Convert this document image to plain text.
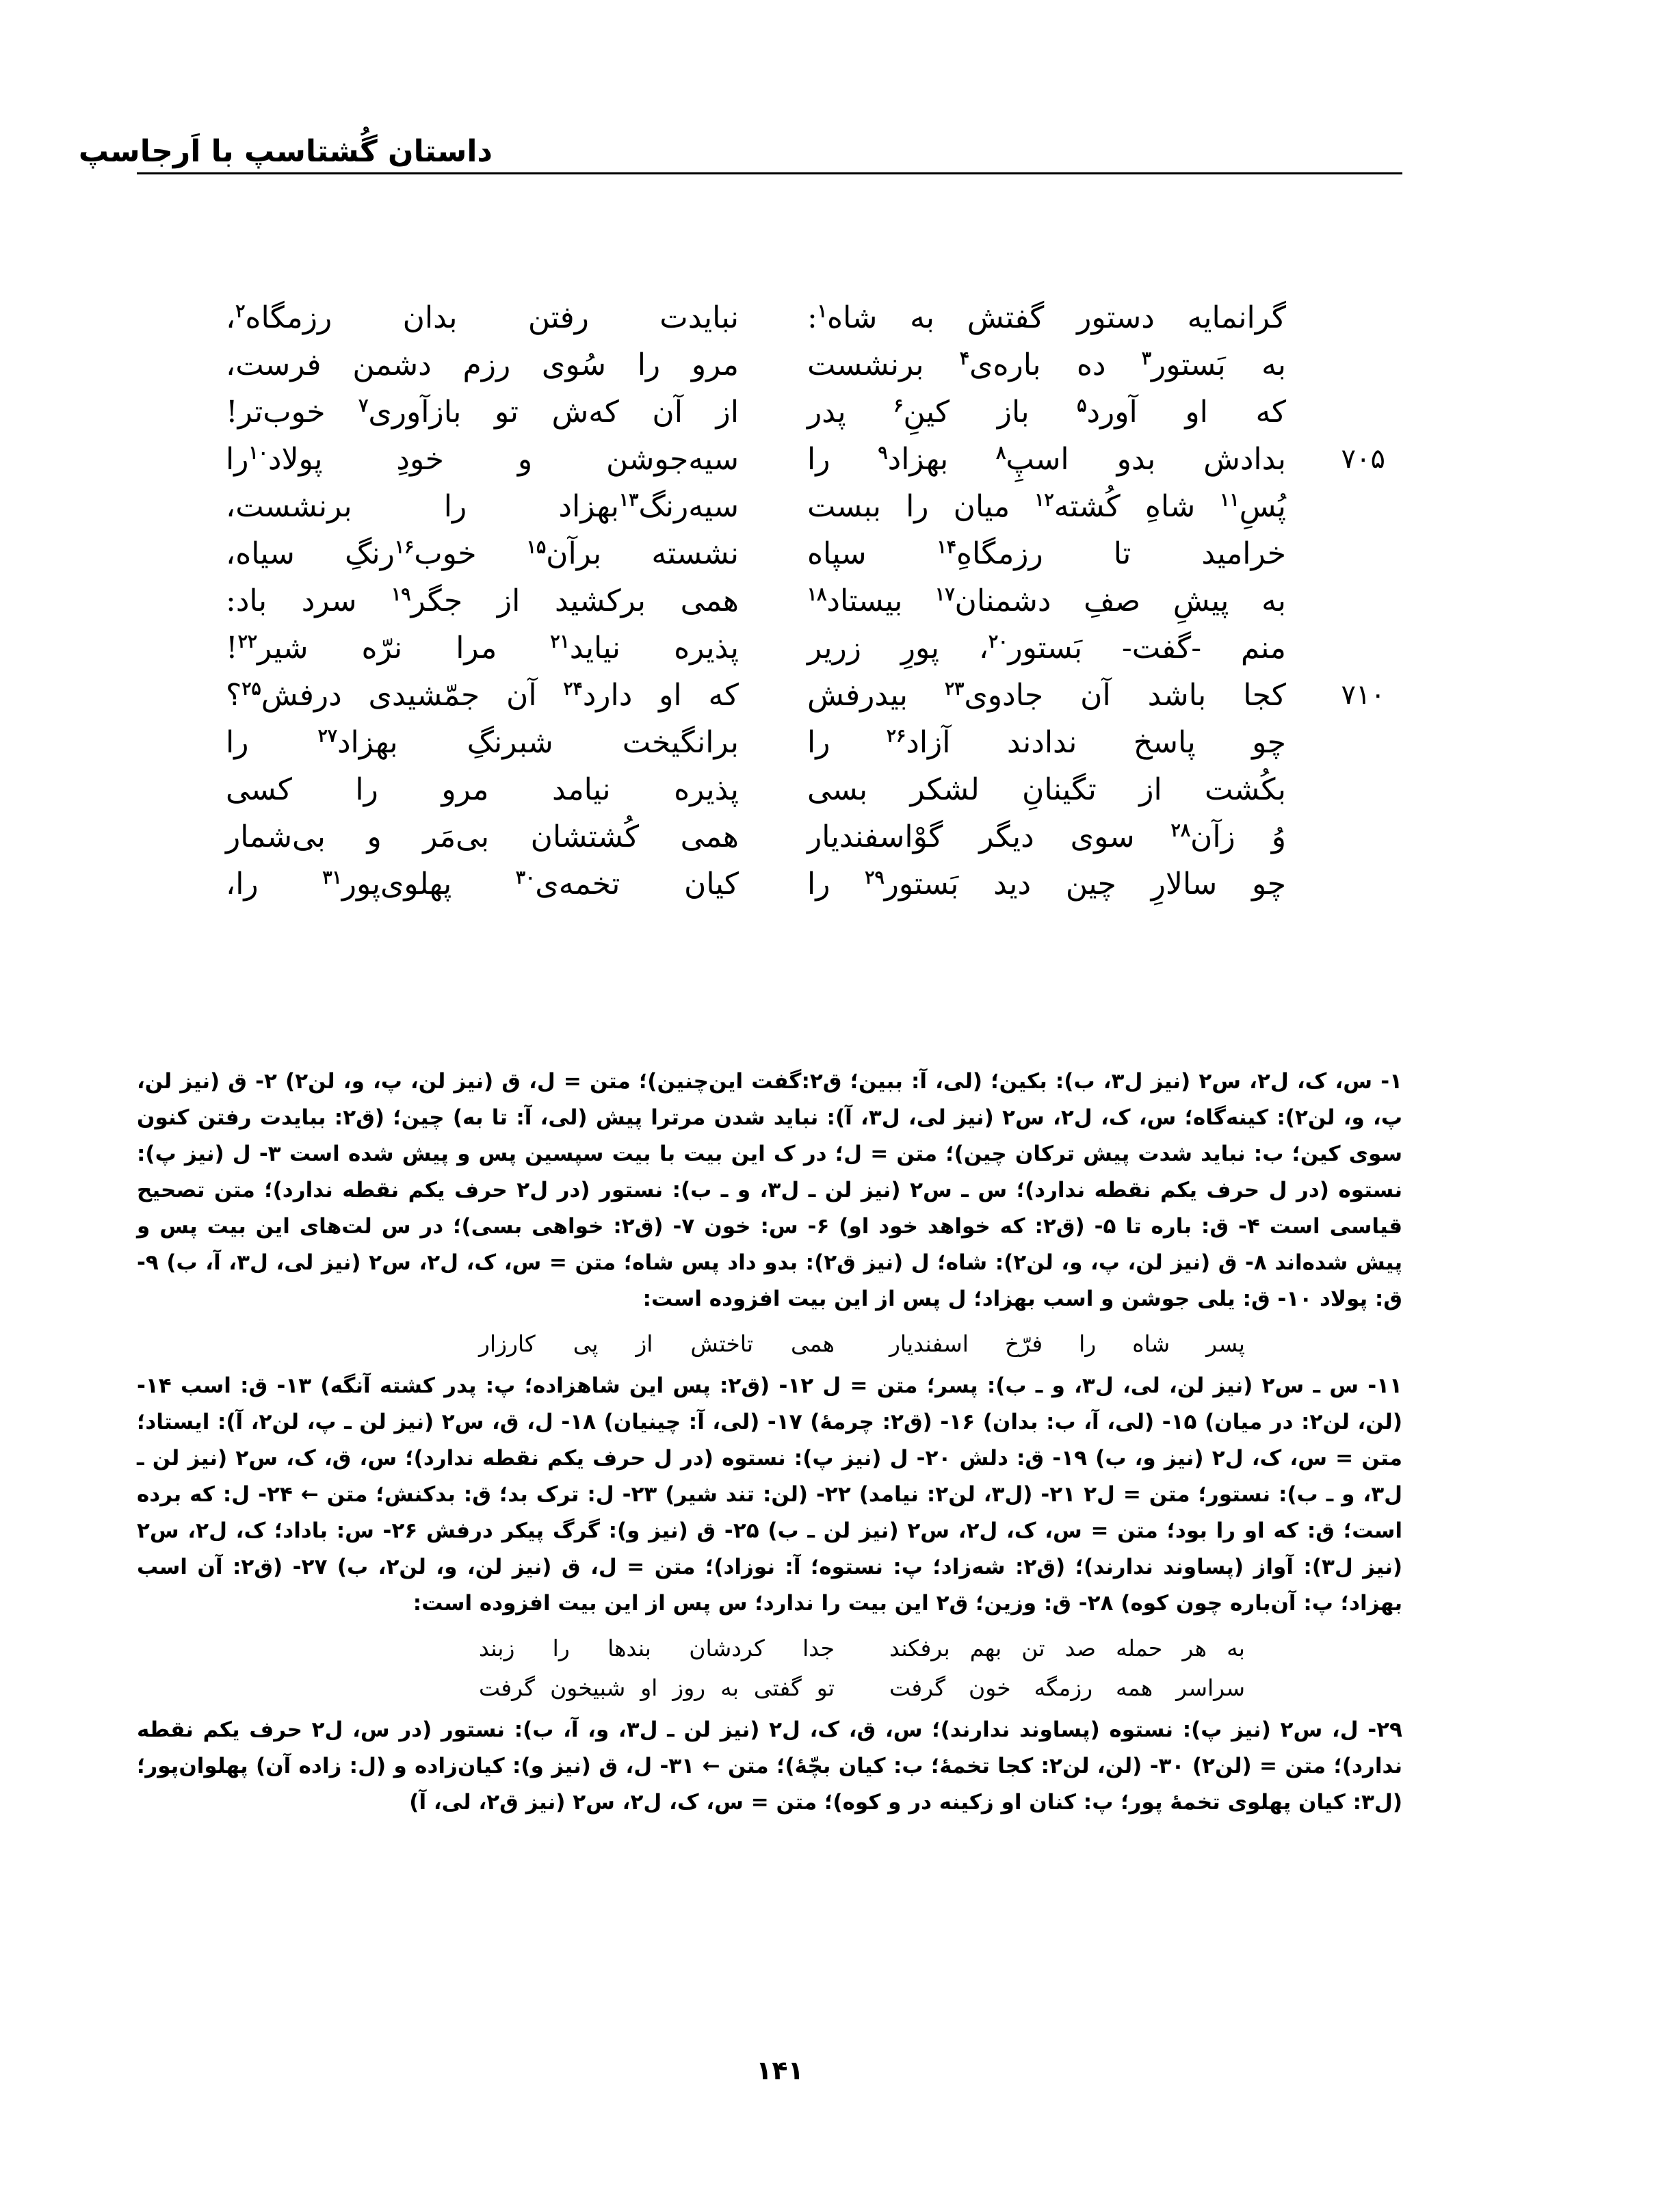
داستان گُشتاسپ با اَرجاسپ
گرانمایه دستور گفتش به شاه$^۱$:
نبایدت رفتن بدان رزمگاه$^۲$،
به بَستور$^۳$ ده باره‌ی$^۴$ برنشست
مرو را سُوی رزم دشمن فرست،
که او آورد$^۵$ باز کینِ$^۶$ پدر
از آن که‌ش تو بازآوری$^۷$ خوب‌تر!
۷۰۵
بدادش بدو اسپِ$^۸$ بهزاد$^۹$ را
سیه‌جوشن و خودِ پولاد$^{۱۰}$را
پُسِ$^{۱۱}$ شاهِ کُشته$^{۱۲}$ میان را ببست
سیه‌رنگ$^{۱۳}$بهزاد را برنشست،
خرامید تا رزمگاهِ$^{۱۴}$ سپاه
نشسته برآن$^{۱۵}$ خوب$^{۱۶}$رنگِ سیاه،
به پیشِ صفِ دشمنان$^{۱۷}$ بیستاد$^{۱۸}$
همی برکشید از جگر$^{۱۹}$ سرد باد:
منم -گفت- بَستور$^{۲۰}$، پورِ زریر
پذیره نیاید$^{۲۱}$ مرا نرّه شیر$^{۲۲}$!
۷۱۰
کجا باشد آن جادوی$^{۲۳}$ بیدرفش
که او دارد$^{۲۴}$ آن جمّشیدی درفش$^{۲۵}$؟
چو پاسخ ندادند آزاد$^{۲۶}$ را
برانگیخت شبرنگِ بهزاد$^{۲۷}$ را
بکُشت از تگینانِ لشکر بسی
پذیره نیامد مرو را کسی
وُ زآن$^{۲۸}$ سوی دیگر گوْاسفندیار
همی کُشتشان بی‌مَر و بی‌شمار
چو سالارِ چین دید بَستور$^{۲۹}$ را
کیان تخمه‌ی$^{۳۰}$ پهلوی‌پور$^{۳۱}$ را،

۱- س، ک، ل۲، س۲ (نیز ل۳، ب): بکین؛ (لی، آ: ببین؛ ق۲:گفت این‌چنین)؛ متن = ل، ق (نیز لن، پ، و، لن۲) ۲- ق (نیز لن، پ، و، لن۲): کینه‌گاه؛ س، ک، ل۲، س۲ (نیز لی، ل۳، آ): نباید شدن مرترا پیش (لی، آ: تا به) چین؛ (ق۲: ببایدت رفتن کنون سوی کین؛ ب: نباید شدت پیش ترکان چین)؛ متن = ل؛ در ک این بیت با بیت سپسین پس و پیش شده است ۳- ل (نیز پ): نستوه (در ل حرف یکم نقطه ندارد)؛ س ـ س۲ (نیز لن ـ ل۳، و ـ ب): نستور (در ل۲ حرف یکم نقطه ندارد)؛ متن تصحیح قیاسی است ۴- ق: باره تا ۵- (ق۲: که خواهد خود او) ۶- س: خون ۷- (ق۲: خواهی بسی)؛ در س لت‌های این بیت پس و پیش شده‌اند ۸- ق (نیز لن، پ، و، لن۲): شاه؛ ل (نیز ق۲): بدو داد پس شاه؛ متن = س، ک، ل۲، س۲ (نیز لی، ل۳، آ، ب) ۹- ق: پولاد ۱۰- ق: یلی جوشن و اسب بهزاد؛ ل پس از این بیت افزوده است:

پسر شاه را فرّخ اسفندیار
همی تاختش از پی کارزار

۱۱- س ـ س۲ (نیز لن، لی، ل۳، و ـ ب): پسر؛ متن = ل ۱۲- (ق۲: پس این شاهزاده؛ پ: پدر کشته آنگه) ۱۳- ق: اسب ۱۴- (لن، لن۲: در میان) ۱۵- (لی، آ، ب: بدان) ۱۶- (ق۲: چرمهٔ) ۱۷- (لی، آ: چینیان) ۱۸- ل، ق، س۲ (نیز لن ـ پ، لن۲، آ): ایستاد؛ متن = س، ک، ل۲ (نیز و، ب) ۱۹- ق: دلش ۲۰- ل (نیز پ): نستوه (در ل حرف یکم نقطه ندارد)؛ س، ق، ک، س۲ (نیز لن ـ ل۳، و ـ ب): نستور؛ متن = ل۲ ۲۱- (ل۳، لن۲: نیامد) ۲۲- (لن: تند شیر) ۲۳- ل: ترک بد؛ ق: بدکنش؛ متن ← ۲۴- ل: که برده است؛ ق: که او را بود؛ متن = س، ک، ل۲، س۲ (نیز لن ـ ب) ۲۵- ق (نیز و): گرگ پیکر درفش ۲۶- س: باداد؛ ک، ل۲، س۲ (نیز ل۳): آواز (پساوند ندارند)؛ (ق۲: شه‌زاد؛ پ: نستوه؛ آ: نوزاد)؛ متن = ل، ق (نیز لن، و، لن۲، ب) ۲۷- (ق۲: آن اسب بهزاد؛ پ: آن‌باره چون کوه) ۲۸- ق: وزین؛ ق۲ این بیت را ندارد؛ س پس از این بیت افزوده است:

به هر حمله صد تن بهم برفکند
جدا کردشان بندها را زبند
سراسر همه رزمگه خون گرفت
تو گفتی به روز او شبیخون گرفت

۲۹- ل، س۲ (نیز پ): نستوه (پساوند ندارند)؛ س، ق، ک، ل۲ (نیز لن ـ ل۳، و، آ، ب): نستور (در س، ل۲ حرف یکم نقطه ندارد)؛ متن = (لن۲) ۳۰- (لن، لن۲: کجا تخمهٔ؛ ب: کیان بچّهٔ)؛ متن ← ۳۱- ل، ق (نیز و): کیان‌زاده و (ل: زاده آن) پهلوان‌پور؛ (ل۳: کیان پهلوی تخمهٔ پور؛ پ: کنان او زکینه در و کوه)؛ متن = س، ک، ل۲، س۲ (نیز ق۲، لی، آ)

۱۴۱
